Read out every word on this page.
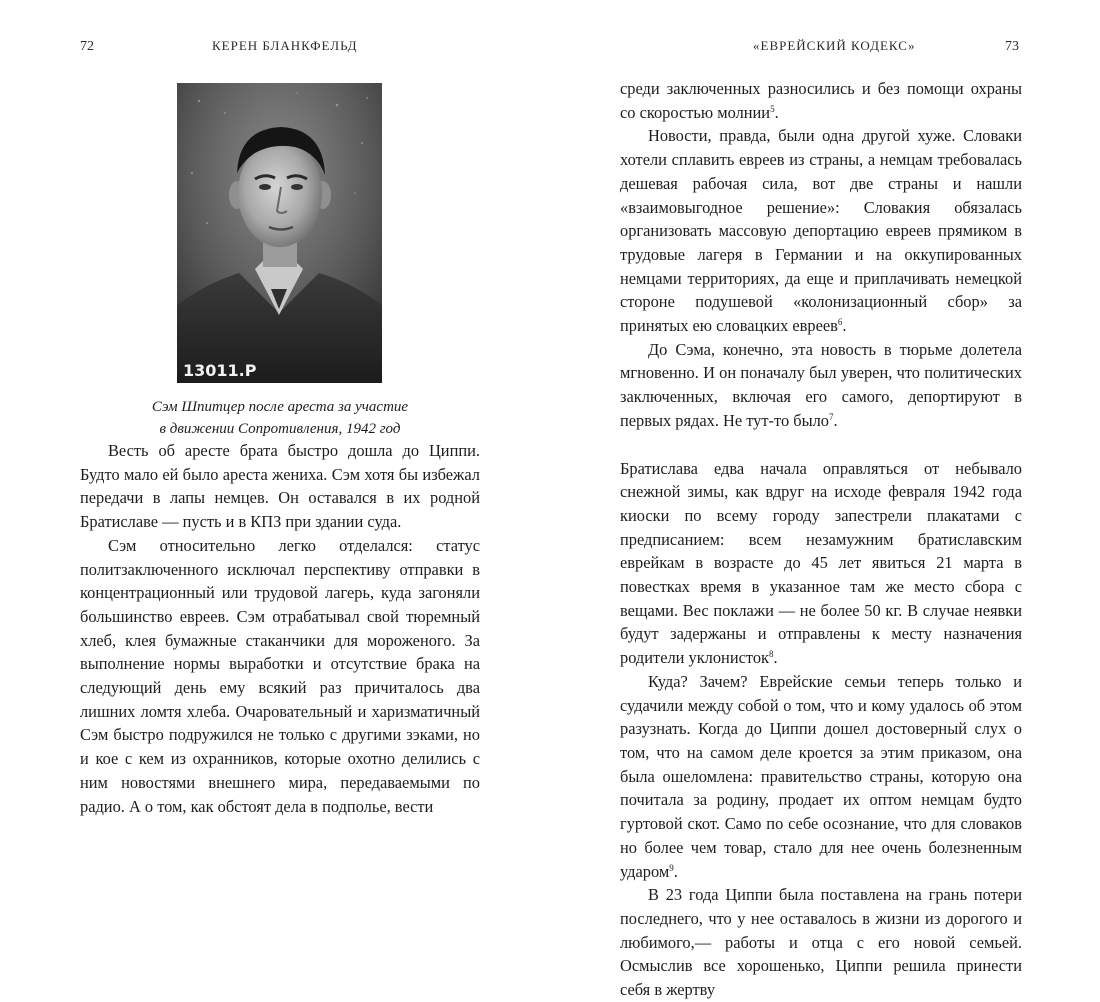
72	КЕРЕН БЛАНКФЕЛЬД
13011.P
Сэм Шпитцер после ареста за участие
в движении Сопротивления, 1942 год

Весть об аресте брата быстро дошла до Циппи. Будто мало ей было ареста жениха. Сэм хотя бы избежал передачи в лапы немцев. Он оставался в их родной Братиславе — пусть и в КПЗ при здании суда.

Сэм относительно легко отделался: статус политзаключенного исключал перспективу отправки в концентрационный или трудовой лагерь, куда загоняли большинство евреев. Сэм отрабатывал свой тюремный хлеб, клея бумажные стаканчики для мороженого. За выполнение нормы выработки и отсутствие брака на следующий день ему всякий раз причиталось два лишних ломтя хлеба. Очаровательный и харизматичный Сэм быстро подружился не только с другими зэками, но и кое с кем из охранников, которые охотно делились с ним новостями внешнего мира, передаваемыми по радио. А о том, как обстоят дела в подполье, вести

«ЕВРЕЙСКИЙ КОДЕКС»	73

среди заключенных разносились и без помощи охраны со скоростью молнии$^5$.

Новости, правда, были одна другой хуже. Словаки хотели сплавить евреев из страны, а немцам требовалась дешевая рабочая сила, вот две страны и нашли «взаимовыгодное решение»: Словакия обязалась организовать массовую депортацию евреев прямиком в трудовые лагеря в Германии и на оккупированных немцами территориях, да еще и приплачивать немецкой стороне подушевой «колонизационный сбор» за принятых ею словацких евреев$^6$.

До Сэма, конечно, эта новость в тюрьме долетела мгновенно. И он поначалу был уверен, что политических заключенных, включая его самого, депортируют в первых рядах. Не тут-то было$^7$.

Братислава едва начала оправляться от небывало снежной зимы, как вдруг на исходе февраля 1942 года киоски по всему городу запестрели плакатами с предписанием: всем незамужним братиславским еврейкам в возрасте до 45 лет явиться 21 марта в повестках время в указанное там же место сбора с вещами. Вес поклажи — не более 50 кг. В случае неявки будут задержаны и отправлены к месту назначения родители уклонисток$^8$.

Куда? Зачем? Еврейские семьи теперь только и судачили между собой о том, что и кому удалось об этом разузнать. Когда до Циппи дошел достоверный слух о том, что на самом деле кроется за этим приказом, она была ошеломлена: правительство страны, которую она почитала за родину, продает их оптом немцам будто гуртовой скот. Само по себе осознание, что для словаков но более чем товар, стало для нее очень болезненным ударом$^9$.

В 23 года Циппи была поставлена на грань потери последнего, что у нее оставалось в жизни из дорогого и любимого,— работы и отца с его новой семьей. Осмыслив все хорошенько, Циппи решила принести себя в жертву
